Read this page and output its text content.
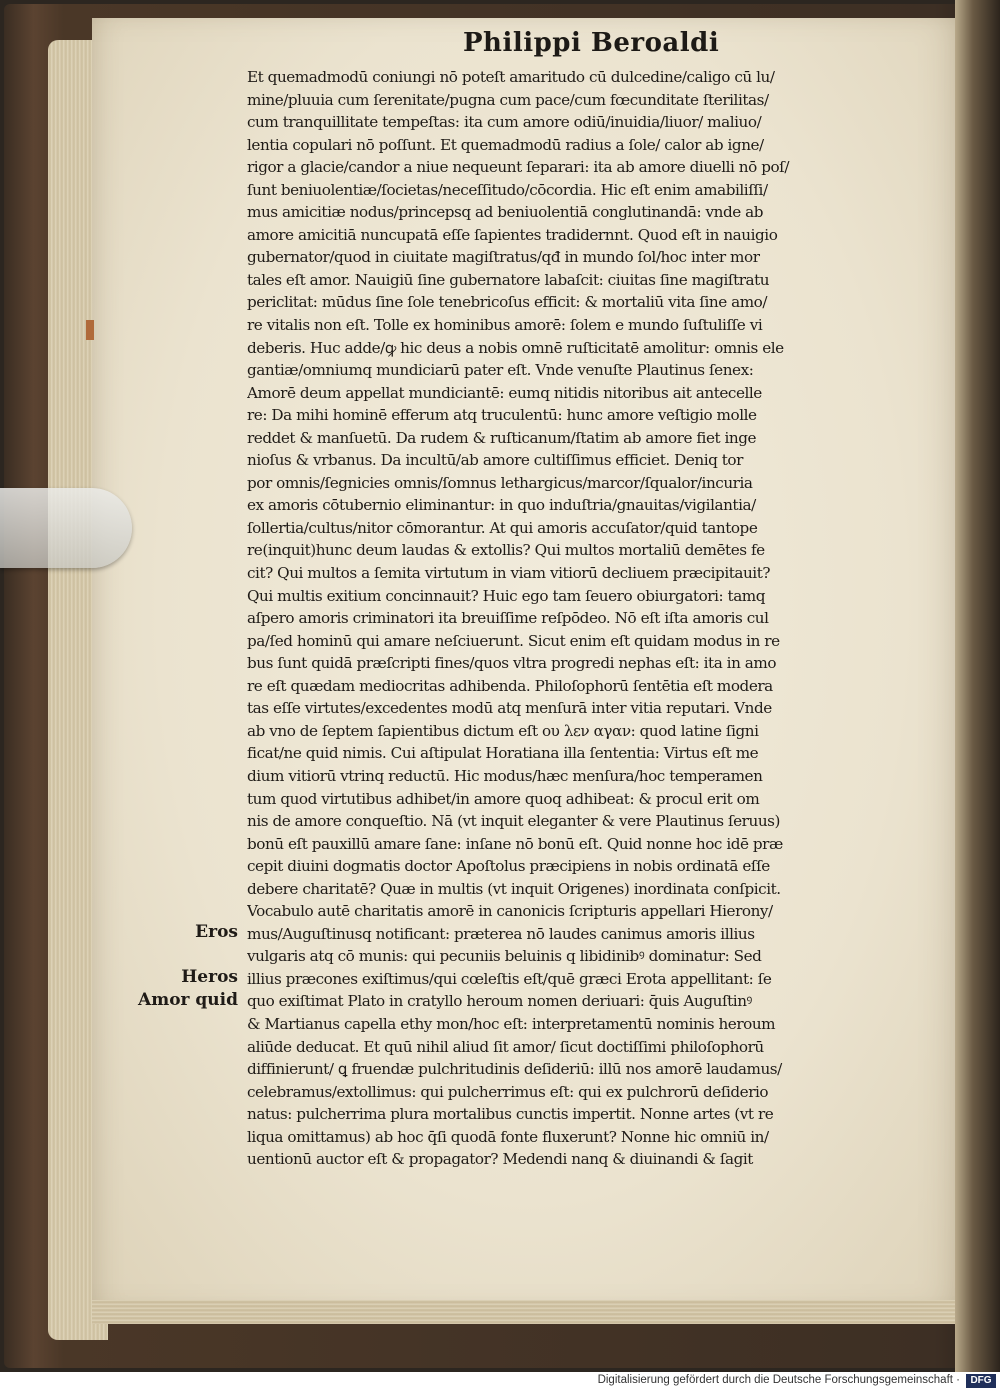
Philippi Beroaldi
Et quemadmodū coniungi nō poteſt amaritudo cū dulcedine/caligo cū lu/
mine/pluuia cum ſerenitate/pugna cum pace/cum fœcunditate ſterilitas/
cum tranquillitate tempeſtas: ita cum amore odiū/inuidia/liuor/ maliuo/
lentia copulari nō poſſunt. Et quemadmodū radius a ſole/ calor ab igne/
rigor a glacie/candor a niue nequeunt ſeparari: ita ab amore diuelli nō poſ/
ſunt beniuolentiæ/ſocietas/neceſſitudo/cōcordia. Hic eſt enim amabiliſſi/
mus amicitiæ nodus/princepsq ad beniuolentiā conglutinandā: vnde ab
amore amicitiā nuncupatā eſſe ſapientes tradidernnt. Quod eſt in nauigio
gubernator/quod in ciuitate magiſtratus/qđ in mundo ſol/hoc inter mor
tales eſt amor. Nauigiū ſine gubernatore labaſcit: ciuitas ſine magiſtratu
periclitat: mūdus ſine ſole tenebricoſus efficit: & mortaliū vita ſine amo/
re vitalis non eſt. Tolle ex hominibus amorē: ſolem e mundo ſuſtuliſſe vi
deberis. Huc adde/ꝙ hic deus a nobis omnē ruſticitatē amolitur: omnis ele
gantiæ/omniumq mundiciarū pater eſt. Vnde venuſte Plautinus ſenex:
Amorē deum appellat mundiciantē: eumq nitidis nitoribus ait antecelle
re: Da mihi hominē efferum atq truculentū: hunc amore veſtigio molle
reddet & manſuetū. Da rudem & ruſticanum/ſtatim ab amore fiet inge
nioſus & vrbanus. Da incultū/ab amore cultiſſimus efficiet. Deniq tor
por omnis/ſegnicies omnis/ſomnus lethargicus/marcor/ſqualor/incuria
ex amoris cōtubernio eliminantur: in quo induſtria/gnauitas/vigilantia/
ſollertia/cultus/nitor cōmorantur. At qui amoris accuſator/quid tantope
re(inquit)hunc deum laudas & extollis? Qui multos mortaliū demētes fe
cit? Qui multos a ſemita virtutum in viam vitiorū decliuem præcipitauit?
Qui multis exitium concinnauit? Huic ego tam ſeuero obiurgatori: tamq
aſpero amoris criminatori ita breuiſſime reſpōdeo. Nō eſt iſta amoris cul
pa/ſed hominū qui amare neſciuerunt. Sicut enim eſt quidam modus in re
bus ſunt quidā præſcripti fines/quos vltra progredi nephas eſt: ita in amo
re eſt quædam mediocritas adhibenda. Philoſophorū ſentētia eſt modera
tas eſſe virtutes/excedentes modū atq menſurā inter vitia reputari. Vnde
ab vno de ſeptem ſapientibus dictum eſt ου λεν αγαν: quod latine ſigni
ficat/ne quid nimis. Cui aſtipulat Horatiana illa ſententia: Virtus eſt me
dium vitiorū vtrinq reductū. Hic modus/hæc menſura/hoc temperamen
tum quod virtutibus adhibet/in amore quoq adhibeat: & procul erit om
nis de amore conqueſtio. Nā (vt inquit eleganter & vere Plautinus ſeruus)
bonū eſt pauxillū amare ſane: inſane nō bonū eſt. Quid nonne hoc idē præ
cepit diuini dogmatis doctor Apoſtolus præcipiens in nobis ordinatā eſſe
debere charitatē? Quæ in multis (vt inquit Origenes) inordinata conſpicit.
Vocabulo autē charitatis amorē in canonicis ſcripturis appellari Hierony/
mus/Auguſtinusq notificant: præterea nō laudes canimus amoris illius
vulgaris atq cō munis: qui pecuniis beluinis q libidinibꝰ dominatur: Sed
illius præcones exiſtimus/qui cœleſtis eſt/quē græci Erota appellitant: ſe
quo exiſtimat Plato in cratyllo heroum nomen deriuari: q̄uis Auguſtinꝰ
& Martianus capella ethy mon/hoc eſt: interpretamentū nominis heroum
aliūde deducat. Et quū nihil aliud ſit amor/ ſicut doctiſſimi philoſophorū
diffinierunt/ ꝗ fruendæ pulchritudinis deſideriū: illū nos amorē laudamus/
celebramus/extollimus: qui pulcherrimus eſt: qui ex pulchrorū deſiderio
natus: pulcherrima plura mortalibus cunctis impertit. Nonne artes (vt re
liqua omittamus) ab hoc q̄ſi quodā fonte fluxerunt? Nonne hic omniū in/
uentionū auctor eſt & propagator? Medendi nanq & diuinandi & ſagit
Eros
Heros
Amor quid
Digitalisierung gefördert durch die Deutsche Forschungsgemeinschaft ·	DFG
